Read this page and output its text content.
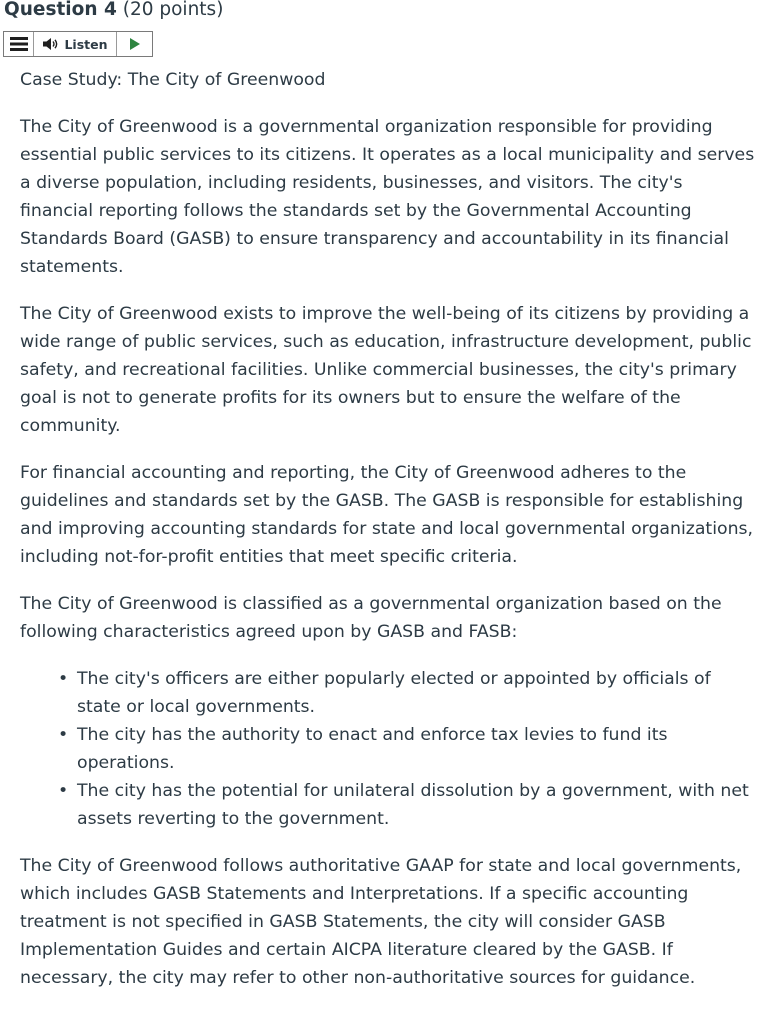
Question 4 (20 points)
Listen

Case Study: The City of Greenwood

The City of Greenwood is a governmental organization responsible for providing essential public services to its citizens. It operates as a local municipality and serves a diverse population, including residents, businesses, and visitors. The city's financial reporting follows the standards set by the Governmental Accounting Standards Board (GASB) to ensure transparency and accountability in its financial statements.

The City of Greenwood exists to improve the well-being of its citizens by providing a wide range of public services, such as education, infrastructure development, public safety, and recreational facilities. Unlike commercial businesses, the city's primary goal is not to generate profits for its owners but to ensure the welfare of the community.

For financial accounting and reporting, the City of Greenwood adheres to the guidelines and standards set by the GASB. The GASB is responsible for establishing and improving accounting standards for state and local governmental organizations, including not-for-profit entities that meet specific criteria.

The City of Greenwood is classified as a governmental organization based on the following characteristics agreed upon by GASB and FASB:

• The city's officers are either popularly elected or appointed by officials of state or local governments.
• The city has the authority to enact and enforce tax levies to fund its operations.
• The city has the potential for unilateral dissolution by a government, with net assets reverting to the government.

The City of Greenwood follows authoritative GAAP for state and local governments, which includes GASB Statements and Interpretations. If a specific accounting treatment is not specified in GASB Statements, the city will consider GASB Implementation Guides and certain AICPA literature cleared by the GASB. If necessary, the city may refer to other non-authoritative sources for guidance.
